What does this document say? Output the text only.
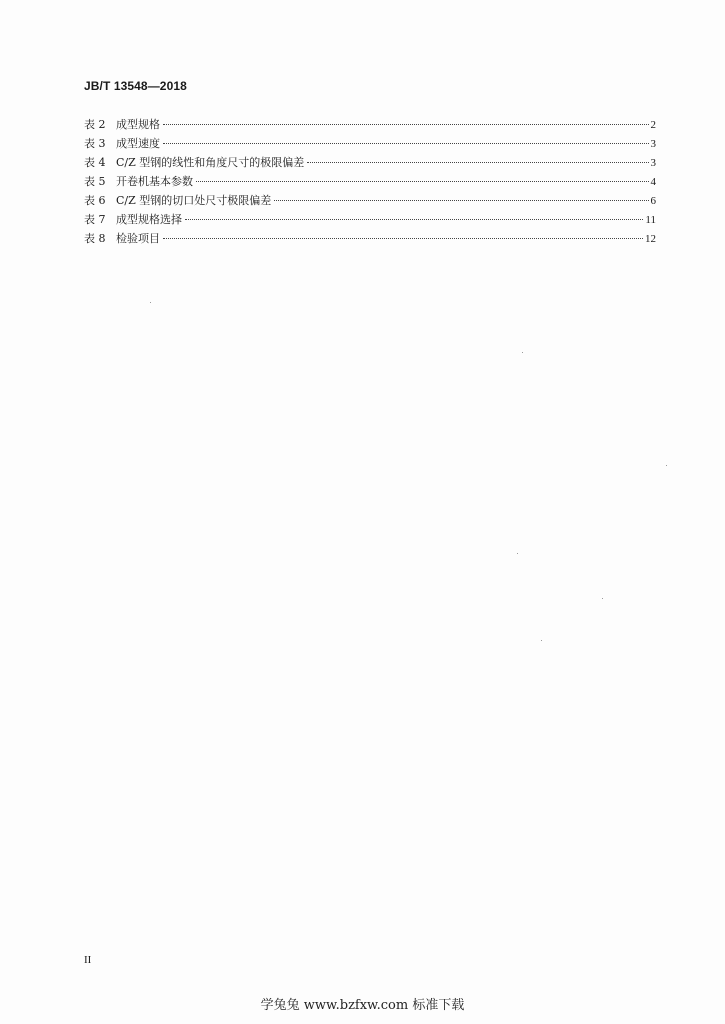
JB/T 13548—2018
表 2 成型规格	2
表 3 成型速度	3
表 4 C/Z 型钢的线性和角度尺寸的极限偏差	3
表 5 开卷机基本参数	4
表 6 C/Z 型钢的切口处尺寸极限偏差	6
表 7 成型规格选择	11
表 8 检验项目	12
II
学兔兔 www.bzfxw.com 标准下载
